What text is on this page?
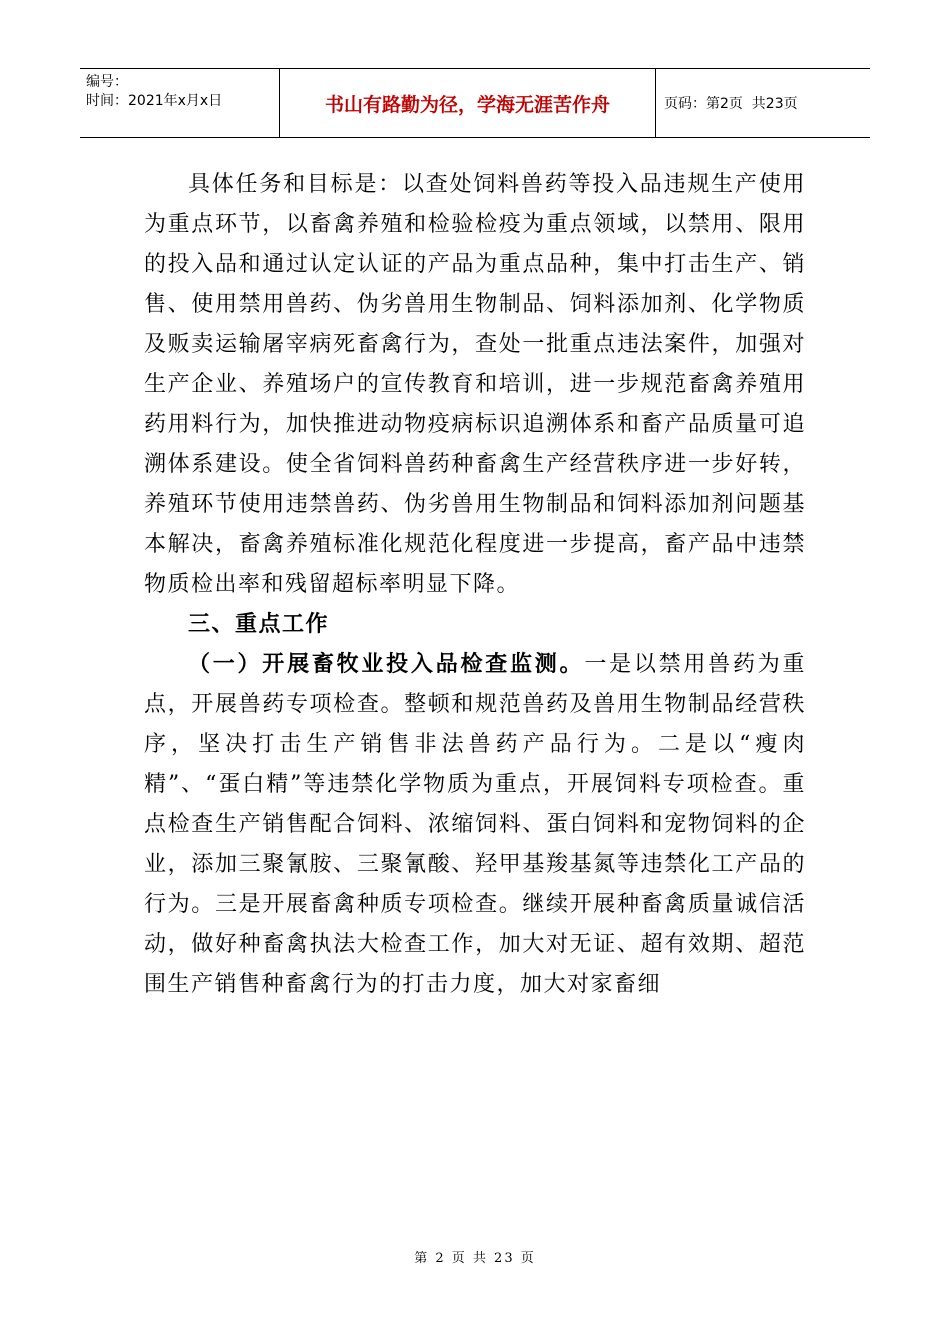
编号：
时间：2021年x月x日	书山有路勤为径，学海无涯苦作舟	页码：第2页  共23页

具体任务和目标是：以查处饲料兽药等投入品违规生产使用为重点环节，以畜禽养殖和检验检疫为重点领域，以禁用、限用的投入品和通过认定认证的产品为重点品种，集中打击生产、销售、使用禁用兽药、伪劣兽用生物制品、饲料添加剂、化学物质及贩卖运输屠宰病死畜禽行为，查处一批重点违法案件，加强对生产企业、养殖场户的宣传教育和培训，进一步规范畜禽养殖用药用料行为，加快推进动物疫病标识追溯体系和畜产品质量可追溯体系建设。使全省饲料兽药种畜禽生产经营秩序进一步好转，养殖环节使用违禁兽药、伪劣兽用生物制品和饲料添加剂问题基本解决，畜禽养殖标准化规范化程度进一步提高，畜产品中违禁物质检出率和残留超标率明显下降。

三、重点工作

（一）开展畜牧业投入品检查监测。一是以禁用兽药为重点，开展兽药专项检查。整顿和规范兽药及兽用生物制品经营秩序，坚决打击生产销售非法兽药产品行为。二是以“瘦肉精”、“蛋白精”等违禁化学物质为重点，开展饲料专项检查。重点检查生产销售配合饲料、浓缩饲料、蛋白饲料和宠物饲料的企业，添加三聚氰胺、三聚氰酸、羟甲基羧基氮等违禁化工产品的行为。三是开展畜禽种质专项检查。继续开展种畜禽质量诚信活动，做好种畜禽执法大检查工作，加大对无证、超有效期、超范围生产销售种畜禽行为的打击力度，加大对家畜细

第 2 页 共 23 页
